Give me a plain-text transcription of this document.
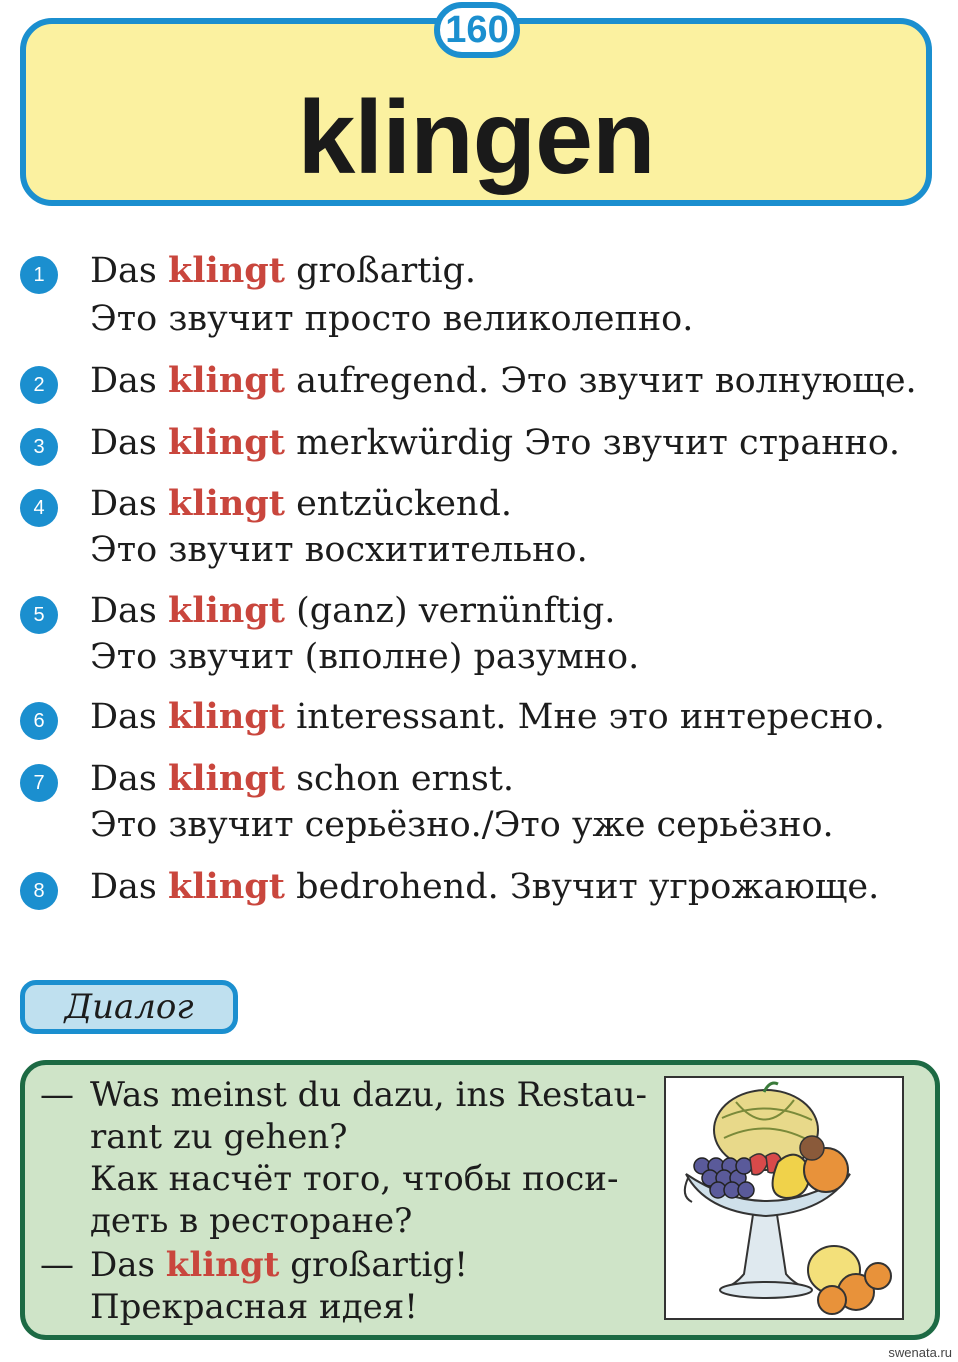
klingen
160
1	Das klingt großartig.
Это звучит просто великолепно.
2	Das klingt aufregend. Это звучит волнующе.
3	Das klingt merkwürdig Это звучит странно.
4	Das klingt entzückend.
Это звучит восхитительно.
5	Das klingt (ganz) vernünftig.
Это звучит (вполне) разумно.
6	Das klingt interessant. Мне это интересно.
7	Das klingt schon ernst.
Это звучит серьёзно./Это уже серьёзно.
8	Das klingt bedrohend. Звучит угрожающе.
Диалог
— Was meinst du dazu, ins Restau-
rant zu gehen?
Как насчёт того, чтобы поси-
деть в ресторане?
— Das klingt großartig!
Прекрасная идея!
swenata.ru
